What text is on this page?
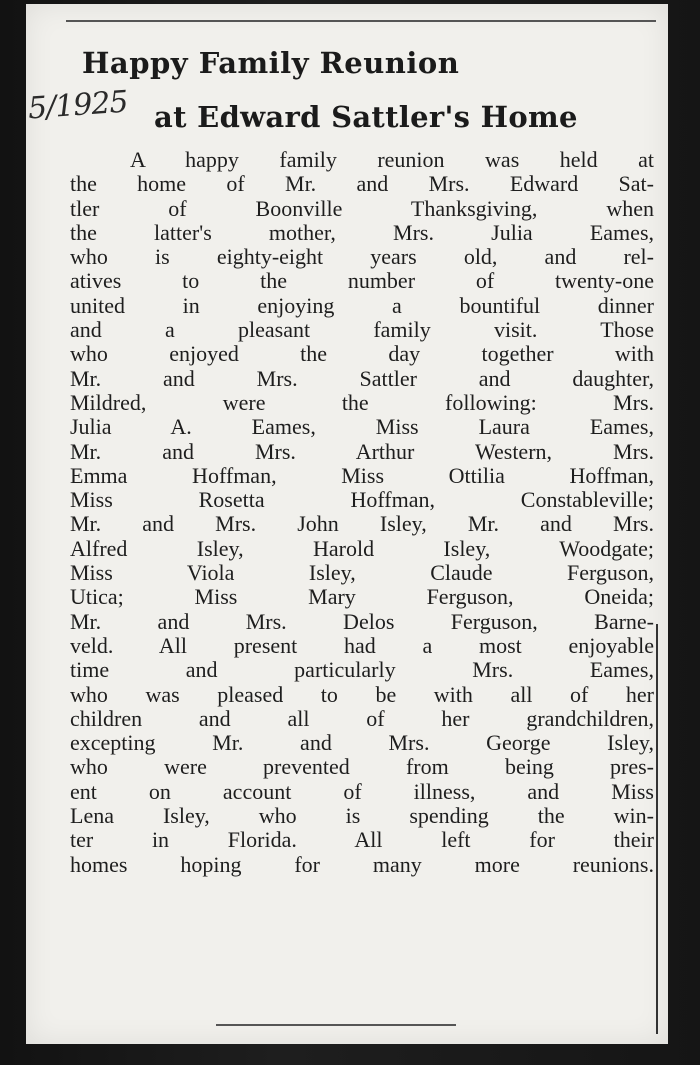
Happy Family Reunion
5/1925 at Edward Sattler's Home
A happy family reunion was held at
the home of Mr. and Mrs. Edward Sat-
tler of Boonville Thanksgiving, when
the latter's mother, Mrs. Julia Eames,
who is eighty-eight years old, and rel-
atives to the number of twenty-one
united in enjoying a bountiful dinner
and a pleasant family visit. Those
who enjoyed the day together with
Mr. and Mrs. Sattler and daughter,
Mildred, were the following: Mrs.
Julia A. Eames, Miss Laura Eames,
Mr. and Mrs. Arthur Western, Mrs.
Emma Hoffman, Miss Ottilia Hoffman,
Miss Rosetta Hoffman, Constableville;
Mr. and Mrs. John Isley, Mr. and Mrs.
Alfred Isley, Harold Isley, Woodgate;
Miss Viola Isley, Claude Ferguson,
Utica; Miss Mary Ferguson, Oneida;
Mr. and Mrs. Delos Ferguson, Barne-
veld. All present had a most enjoyable
time and particularly Mrs. Eames,
who was pleased to be with all of her
children and all of her grandchildren,
excepting Mr. and Mrs. George Isley,
who were prevented from being pres-
ent on account of illness, and Miss
Lena Isley, who is spending the win-
ter in Florida. All left for their
homes hoping for many more reunions.
